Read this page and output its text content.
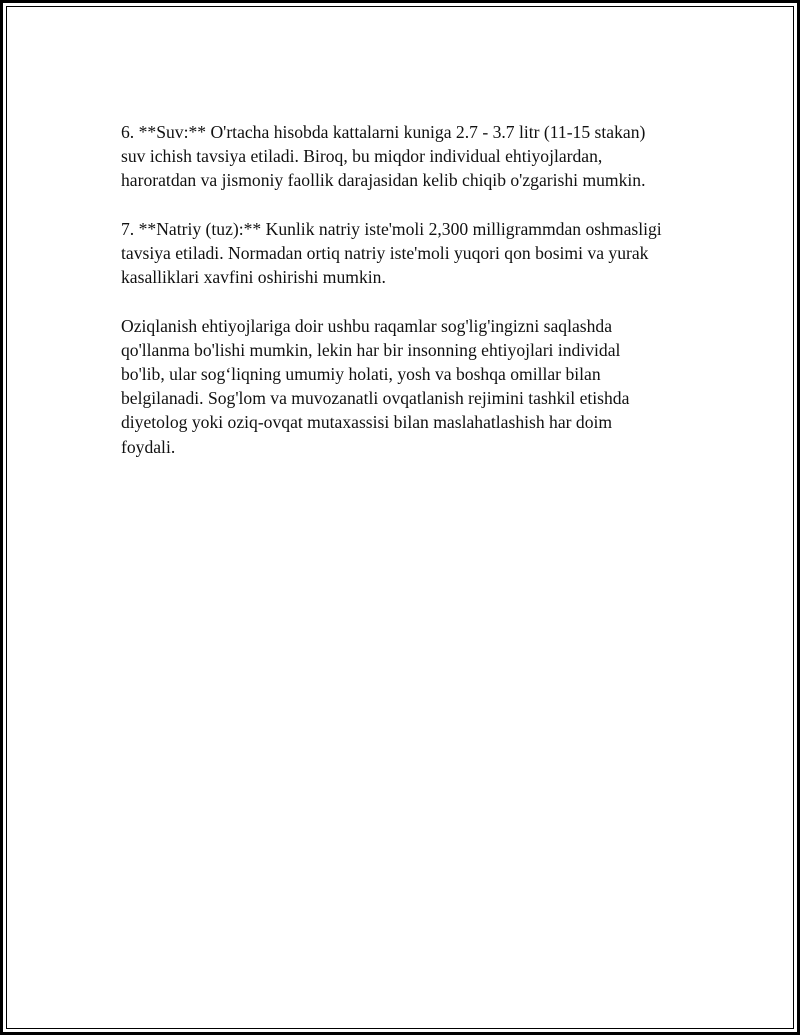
6. **Suv:** O'rtacha hisobda kattalarni kuniga 2.7 - 3.7 litr (11-15 stakan)
suv ichish tavsiya etiladi. Biroq, bu miqdor individual ehtiyojlardan,
haroratdan va jismoniy faollik darajasidan kelib chiqib o'zgarishi mumkin.
7. **Natriy (tuz):** Kunlik natriy iste'moli 2,300 milligrammdan oshmasligi
tavsiya etiladi. Normadan ortiq natriy iste'moli yuqori qon bosimi va yurak
kasalliklari xavfini oshirishi mumkin.
Oziqlanish ehtiyojlariga doir ushbu raqamlar sog'lig'ingizni saqlashda
qo'llanma bo'lishi mumkin, lekin har bir insonning ehtiyojlari individal
bo'lib, ular sog‘liqning umumiy holati, yosh va boshqa omillar bilan
belgilanadi. Sog'lom va muvozanatli ovqatlanish rejimini tashkil etishda
diyetolog yoki oziq-ovqat mutaxassisi bilan maslahatlashish har doim
foydali.
